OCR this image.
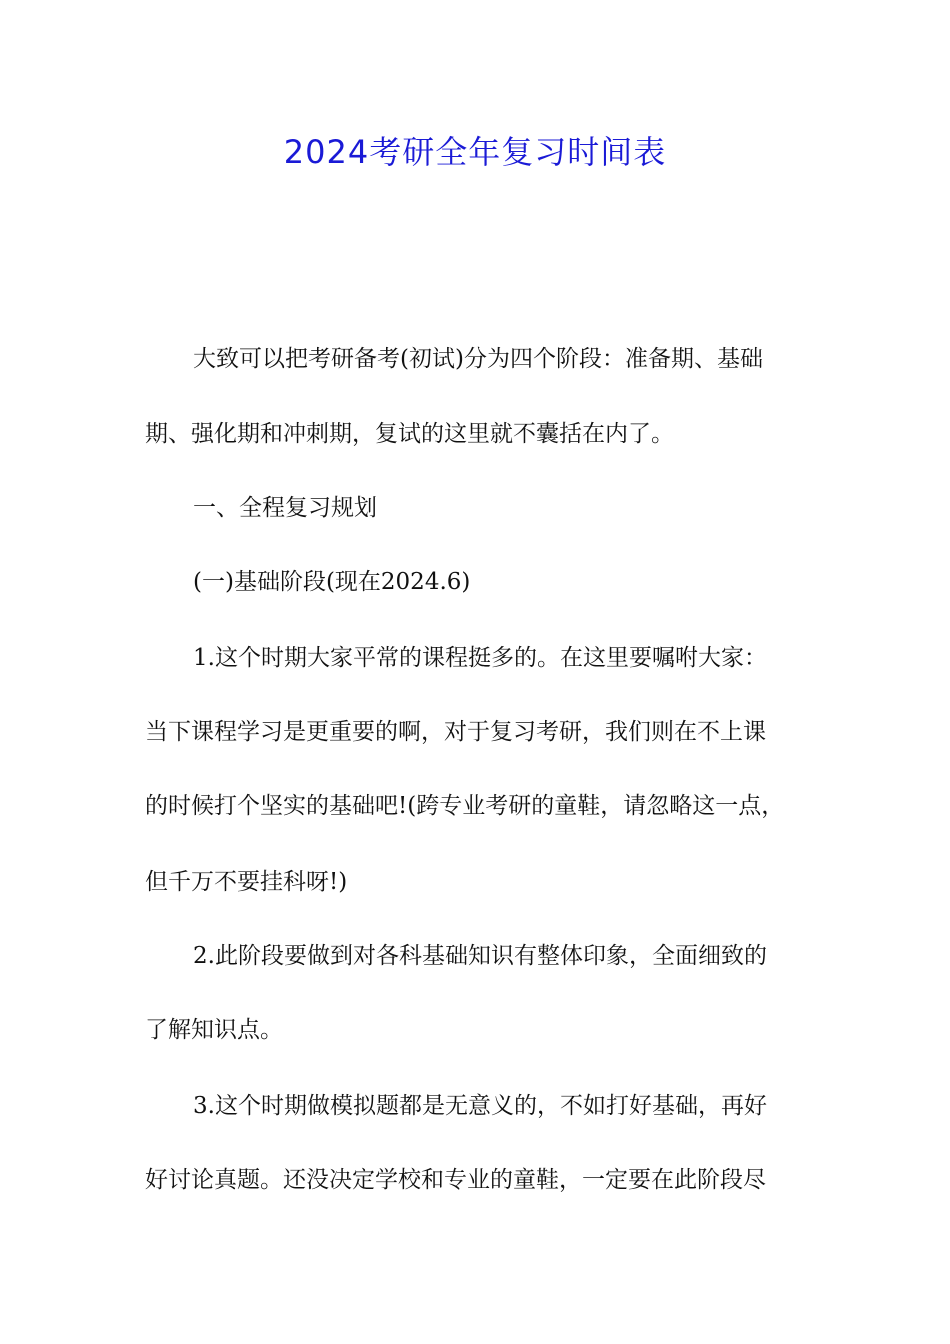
2024考研全年复习时间表
大致可以把考研备考(初试)分为四个阶段：准备期、基础
期、强化期和冲刺期，复试的这里就不囊括在内了。
一、全程复习规划
(一)基础阶段(现在2024.6)
1.这个时期大家平常的课程挺多的。在这里要嘱咐大家：
当下课程学习是更重要的啊，对于复习考研，我们则在不上课
的时候打个坚实的基础吧!(跨专业考研的童鞋，请忽略这一点，
但千万不要挂科呀!)
2.此阶段要做到对各科基础知识有整体印象，全面细致的
了解知识点。
3.这个时期做模拟题都是无意义的，不如打好基础，再好
好讨论真题。还没决定学校和专业的童鞋，一定要在此阶段尽
